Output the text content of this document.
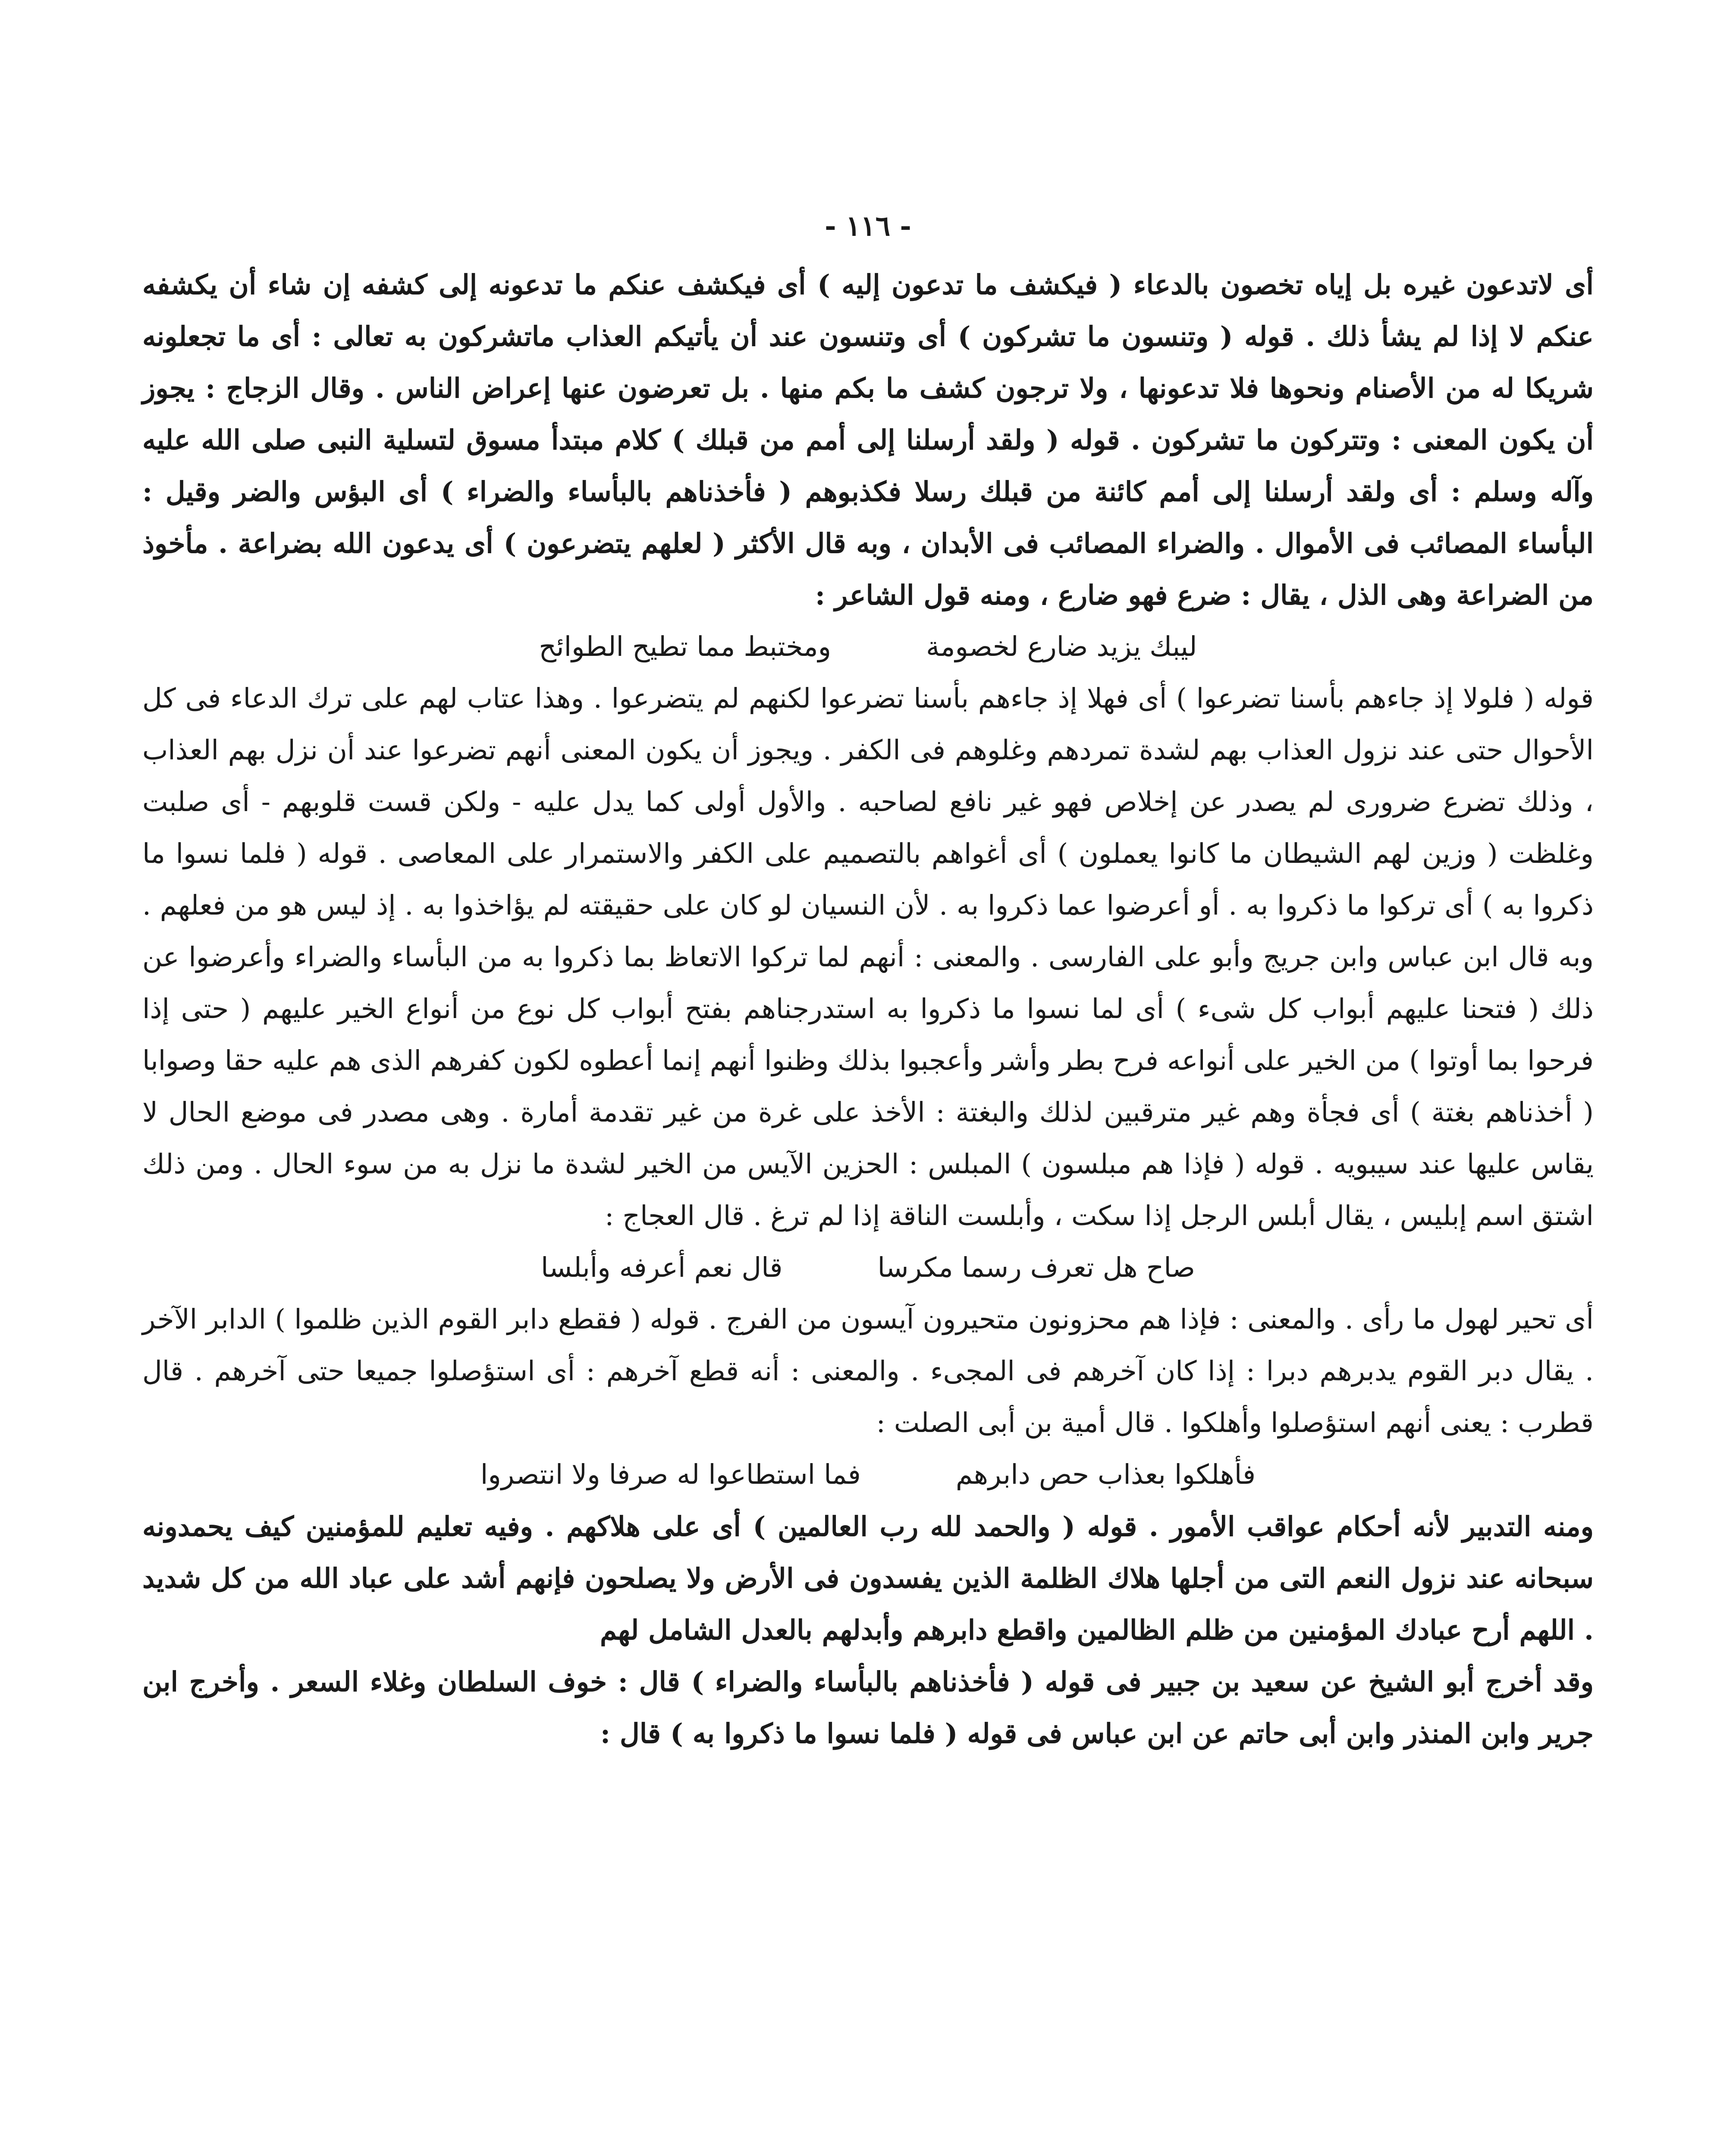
- ١١٦ -

أى لاتدعون غيره بل إياه تخصون بالدعاء ( فيكشف ما تدعون إليه ) أى فيكشف عنكم ما تدعونه إلى كشفه إن شاء أن يكشفه عنكم لا إذا لم يشأ ذلك . قوله ( وتنسون ما تشركون ) أى وتنسون عند أن يأتيكم العذاب ماتشركون به تعالى : أى ما تجعلونه شريكا له من الأصنام ونحوها فلا تدعونها ، ولا ترجون كشف ما بكم منها . بل تعرضون عنها إعراض الناس . وقال الزجاج : يجوز أن يكون المعنى : وتتركون ما تشركون . قوله ( ولقد أرسلنا إلى أمم من قبلك ) كلام مبتدأ مسوق لتسلية النبى صلى الله عليه وآله وسلم : أى ولقد أرسلنا إلى أمم كائنة من قبلك رسلا فكذبوهم ( فأخذناهم بالبأساء والضراء ) أى البؤس والضر وقيل : البأساء المصائب فى الأموال . والضراء المصائب فى الأبدان ، وبه قال الأكثر ( لعلهم يتضرعون ) أى يدعون الله بضراعة . مأخوذ من الضراعة وهى الذل ، يقال : ضرع فهو ضارع ، ومنه قول الشاعر :

ليبك يزيد ضارع لخصومة
ومختبط مما تطيح الطوائح

قوله ( فلولا إذ جاءهم بأسنا تضرعوا ) أى فهلا إذ جاءهم بأسنا تضرعوا لكنهم لم يتضرعوا . وهذا عتاب لهم على ترك الدعاء فى كل الأحوال حتى عند نزول العذاب بهم لشدة تمردهم وغلوهم فى الكفر . ويجوز أن يكون المعنى أنهم تضرعوا عند أن نزل بهم العذاب ، وذلك تضرع ضرورى لم يصدر عن إخلاص فهو غير نافع لصاحبه . والأول أولى كما يدل عليه - ولكن قست قلوبهم - أى صلبت وغلظت ( وزين لهم الشيطان ما كانوا يعملون ) أى أغواهم بالتصميم على الكفر والاستمرار على المعاصى . قوله ( فلما نسوا ما ذكروا به ) أى تركوا ما ذكروا به . أو أعرضوا عما ذكروا به . لأن النسيان لو كان على حقيقته لم يؤاخذوا به . إذ ليس هو من فعلهم . وبه قال ابن عباس وابن جريج وأبو على الفارسى . والمعنى : أنهم لما تركوا الاتعاظ بما ذكروا به من البأساء والضراء وأعرضوا عن ذلك ( فتحنا عليهم أبواب كل شىء ) أى لما نسوا ما ذكروا به استدرجناهم بفتح أبواب كل نوع من أنواع الخير عليهم ( حتى إذا فرحوا بما أوتوا ) من الخير على أنواعه فرح بطر وأشر وأعجبوا بذلك وظنوا أنهم إنما أعطوه لكون كفرهم الذى هم عليه حقا وصوابا ( أخذناهم بغتة ) أى فجأة وهم غير مترقبين لذلك والبغتة : الأخذ على غرة من غير تقدمة أمارة . وهى مصدر فى موضع الحال لا يقاس عليها عند سيبويه . قوله ( فإذا هم مبلسون ) المبلس : الحزين الآيس من الخير لشدة ما نزل به من سوء الحال . ومن ذلك اشتق اسم إبليس ، يقال أبلس الرجل إذا سكت ، وأبلست الناقة إذا لم ترغ . قال العجاج :

صاح هل تعرف رسما مكرسا
قال نعم أعرفه وأبلسا

أى تحير لهول ما رأى . والمعنى : فإذا هم محزونون متحيرون آيسون من الفرج . قوله ( فقطع دابر القوم الذين ظلموا ) الدابر الآخر . يقال دبر القوم يدبرهم دبرا : إذا كان آخرهم فى المجىء . والمعنى : أنه قطع آخرهم : أى استؤصلوا جميعا حتى آخرهم . قال قطرب : يعنى أنهم استؤصلوا وأهلكوا . قال أمية بن أبى الصلت :

فأهلكوا بعذاب حص دابرهم
فما استطاعوا له صرفا ولا انتصروا

ومنه التدبير لأنه أحكام عواقب الأمور . قوله ( والحمد لله رب العالمين ) أى على هلاكهم . وفيه تعليم للمؤمنين كيف يحمدونه سبحانه عند نزول النعم التى من أجلها هلاك الظلمة الذين يفسدون فى الأرض ولا يصلحون فإنهم أشد على عباد الله من كل شديد . اللهم أرح عبادك المؤمنين من ظلم الظالمين واقطع دابرهم وأبدلهم بالعدل الشامل لهم

وقد أخرج أبو الشيخ عن سعيد بن جبير فى قوله ( فأخذناهم بالبأساء والضراء ) قال : خوف السلطان وغلاء السعر . وأخرج ابن جرير وابن المنذر وابن أبى حاتم عن ابن عباس فى قوله ( فلما نسوا ما ذكروا به ) قال :
